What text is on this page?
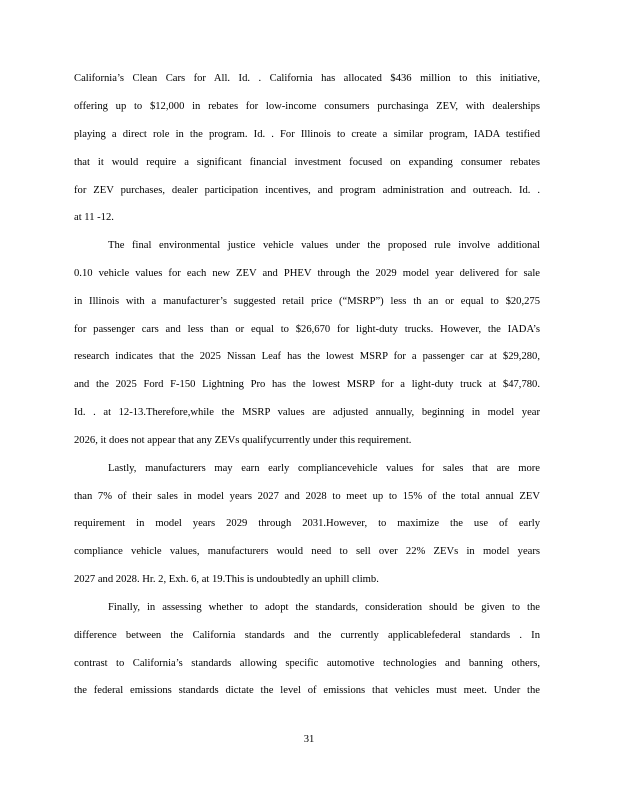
California’s Clean Cars for All. Id. . California has allocated $436 million to this initiative,
offering up to $12,000 in rebates for low-income consumers purchasinga ZEV, with dealerships
playing a direct role in the program. Id. . For Illinois to create a similar program, IADA testified
that it would require a significant financial investment focused on expanding consumer rebates
for ZEV purchases, dealer participation incentives, and program administration and outreach. Id. .
at 11 -12.
The final environmental justice vehicle values under the proposed rule involve additional
0.10 vehicle values for each new ZEV and PHEV through the 2029 model year delivered for sale
in Illinois with a manufacturer’s suggested retail price (“MSRP”) less th an or equal to $20,275
for passenger cars and less than or equal to $26,670 for light-duty trucks. However, the IADA’s
research indicates that the 2025 Nissan Leaf has the lowest MSRP for a passenger car at $29,280,
and the 2025 Ford F-150 Lightning Pro has the lowest MSRP for a light-duty truck at $47,780.
Id. . at 12-13.Therefore,while the MSRP values are adjusted annually, beginning in model year
2026, it does not appear that any ZEVs qualifycurrently under this requirement.
Lastly, manufacturers may earn early compliancevehicle values for sales that are more
than 7% of their sales in model years 2027 and 2028 to meet up to 15% of the total annual ZEV
requirement in model years 2029 through 2031.However, to maximize the use of early
compliance vehicle values, manufacturers would need to sell over 22% ZEVs in model years
2027 and 2028. Hr. 2, Exh. 6, at 19.This is undoubtedly an uphill climb.
Finally, in assessing whether to adopt the standards, consideration should be given to the
difference between the California standards and the currently applicablefederal standards . In
contrast to California’s standards allowing specific automotive technologies and banning others,
the federal emissions standards dictate the level of emissions that vehicles must meet. Under the
31
